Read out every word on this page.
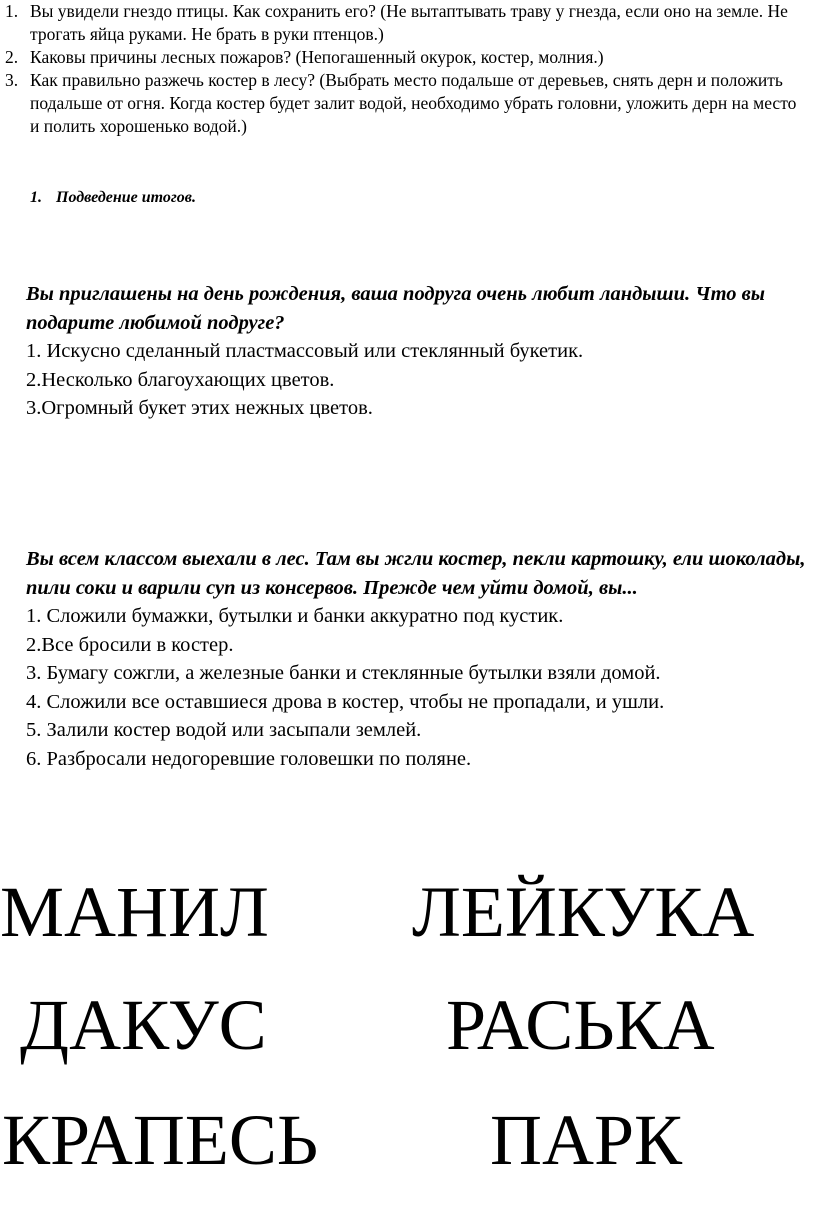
1. Вы увидели гнездо птицы. Как сохранить его? (Не вытаптывать траву у гнезда, если оно на земле. Не трогать яйца руками. Не брать в руки птенцов.)
2. Каковы причины лесных пожаров? (Непогашенный окурок, костер, молния.)
3. Как правильно разжечь костер в лесу? (Выбрать место подальше от деревьев, снять дерн и положить подальше от огня. Когда костер будет залит водой, необходимо убрать головни, уложить дерн на место и полить хорошенько водой.)
1. Подведение итогов.
Вы приглашены на день рождения, ваша подруга очень любит ландыши. Что вы подарите любимой подруге?
1. Искусно сделанный пластмассовый или стеклянный букетик.
2.Несколько благоухающих цветов.
3.Огромный букет этих нежных цветов.
Вы всем классом выехали в лес. Там вы жгли костер, пекли картошку, ели шоколады, пили соки и варили суп из консервов. Прежде чем уйти домой, вы...
1. Сложили бумажки, бутылки и банки аккуратно под кустик.
2.Все бросили в костер.
3. Бумагу сожгли, а железные банки и стеклянные бутылки взяли домой.
4. Сложили все оставшиеся дрова в костер, чтобы не пропадали, и ушли.
5. Залили костер водой или засыпали землей.
6. Разбросали недогоревшие головешки по поляне.
МАНИЛ ЛЕЙКУКА
ДАКУС РАСЬКА
КРАПЕСЬ ПАРК
